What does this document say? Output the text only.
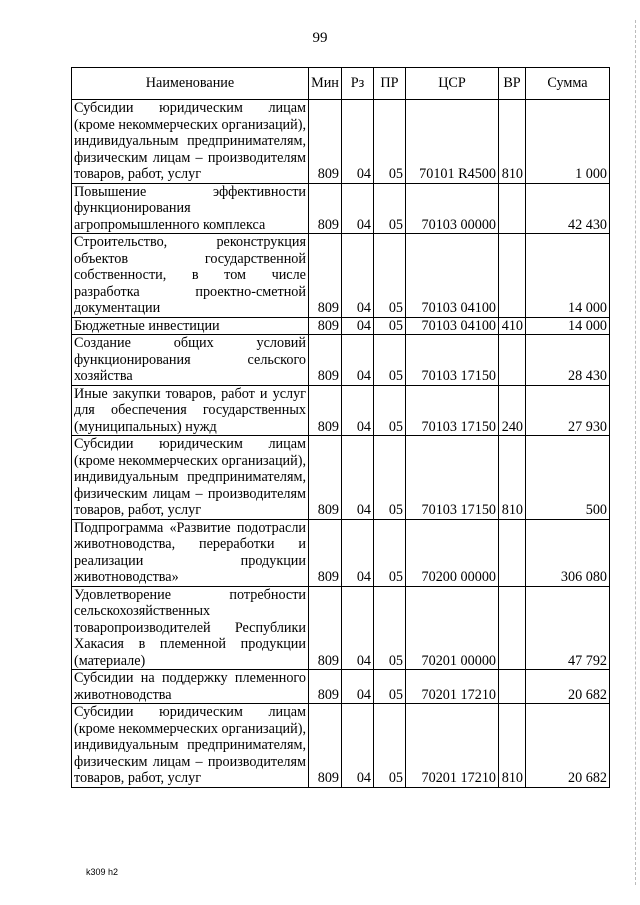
99
Наименование	Мин	Рз	ПР	ЦСР	ВР	Сумма
Субсидии юридическим лицам (кроме некоммерческих организаций), индивидуальным предпринимателям, физическим лицам – производителям товаров, работ, услуг	809	04	05	70101 R4500	810	1 000
Повышение эффективности функционирования агропромышленного комплекса	809	04	05	70103 00000		42 430
Строительство, реконструкция объектов государственной собственности, в том числе разработка проектно-сметной документации	809	04	05	70103 04100		14 000
Бюджетные инвестиции	809	04	05	70103 04100	410	14 000
Создание общих условий функционирования сельского хозяйства	809	04	05	70103 17150		28 430
Иные закупки товаров, работ и услуг для обеспечения государственных (муниципальных) нужд	809	04	05	70103 17150	240	27 930
Субсидии юридическим лицам (кроме некоммерческих организаций), индивидуальным предпринимателям, физическим лицам – производителям товаров, работ, услуг	809	04	05	70103 17150	810	500
Подпрограмма «Развитие подотрасли животноводства, переработки и реализации продукции животноводства»	809	04	05	70200 00000		306 080
Удовлетворение потребности сельскохозяйственных товаропроизводителей Республики Хакасия в племенной продукции (материале)	809	04	05	70201 00000		47 792
Субсидии на поддержку племенного животноводства	809	04	05	70201 17210		20 682
Субсидии юридическим лицам (кроме некоммерческих организаций), индивидуальным предпринимателям, физическим лицам – производителям товаров, работ, услуг	809	04	05	70201 17210	810	20 682
k309 h2
